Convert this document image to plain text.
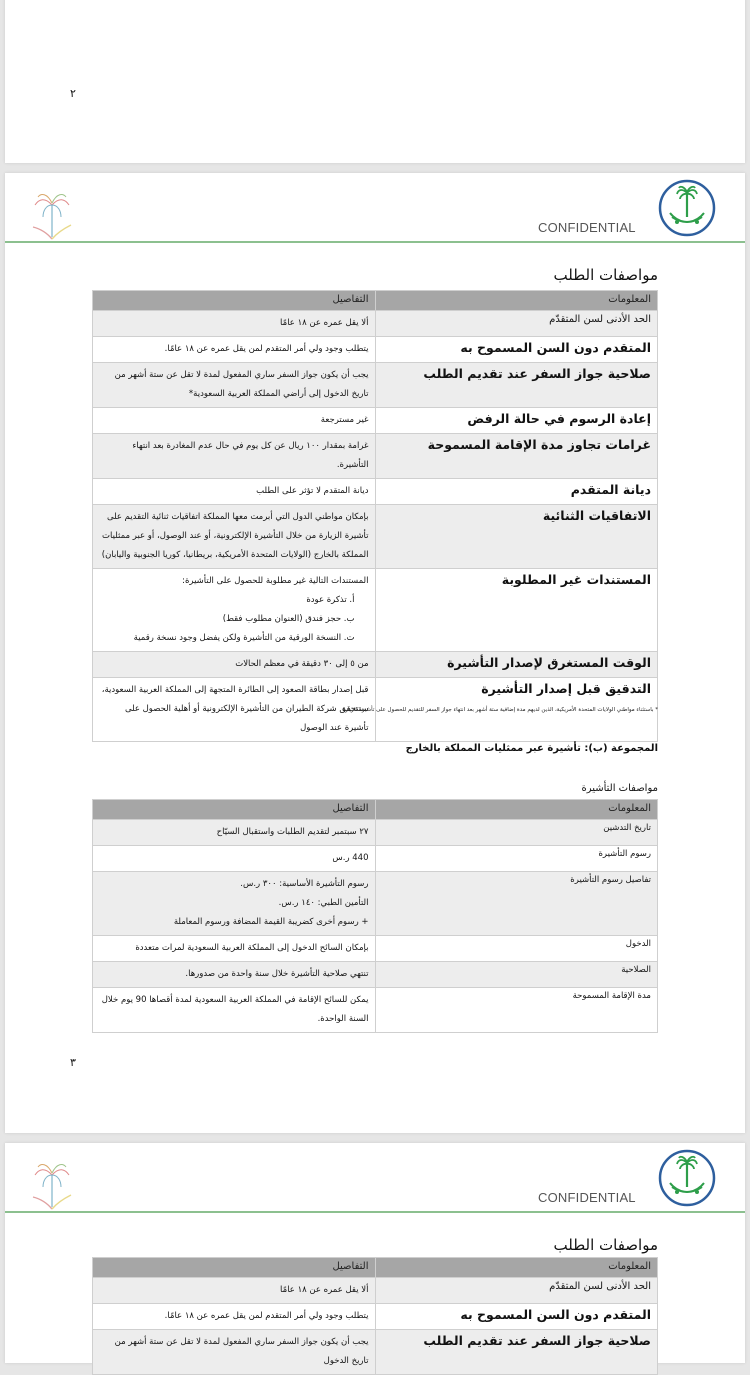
٢
CONFIDENTIAL
مواصفات الطلب
المعلومات	التفاصيل
الحد الأدنى لسن المتقدّم	ألا يقل عمره عن ١٨ عامًا
المتقدم دون السن المسموح به	يتطلب وجود ولي أمر المتقدم لمن يقل عمره عن ١٨ عامًا.
صلاحية جواز السفر عند تقديم الطلب	يجب أن يكون جواز السفر ساري المفعول لمدة لا تقل عن ستة أشهر من تاريخ الدخول إلى أراضي المملكة العربية السعودية*
إعادة الرسوم في حالة الرفض	غير مسترجعة
غرامات تجاوز مدة الإقامة المسموحة	غرامة بمقدار ١٠٠ ريال عن كل يوم في حال عدم المغادرة بعد انتهاء التأشيرة.
ديانة المتقدم	ديانة المتقدم لا تؤثر على الطلب
الاتفاقيات الثنائية	بإمكان مواطني الدول التي أبرمت معها المملكة اتفاقيات ثنائية التقديم على تأشيرة الزيارة من خلال التأشيرة الإلكترونية، أو عند الوصول، أو عبر ممثليات المملكة بالخارج (الولايات المتحدة الأمريكية، بريطانيا، كوريا الجنوبية واليابان)
المستندات غير المطلوبة	المستندات التالية غير مطلوبة للحصول على التأشيرة:
أ. تذكرة عودة
ب. حجز فندق (العنوان مطلوب فقط)
ت. النسخة الورقية من التأشيرة ولكن يفضل وجود نسخة رقمية

الوقت المستغرق لإصدار التأشيرة	من ٥ إلى ٣٠ دقيقة في معظم الحالات
التدقيق قبل إصدار التأشيرة	قبل إصدار بطاقة الصعود إلى الطائرة المتجهة إلى المملكة العربية السعودية، ستتحقق شركة الطيران من التأشيرة الإلكترونية أو أهلية الحصول على تأشيرة عند الوصول
* باستثناء مواطني الولايات المتحدة الأمريكية، الذين لديهم مدة إضافية ستة أشهر بعد انتهاء جواز السفر للتقديم للحصول على تأشيرة الزيارة
المجموعة (ب): تأشيرة عبر ممثليات المملكة بالخارج
مواصفات التأشيرة
المعلومات	التفاصيل
تاريخ التدشين	٢٧ سبتمبر لتقديم الطلبات واستقبال السيّاح
رسوم التأشيرة	440 ر.س
تفاصيل رسوم التأشيرة	رسوم التأشيرة الأساسية: ٣٠٠ ر.س.
التأمين الطبي: ١٤٠ ر.س.
+ رسوم أخرى كضريبة القيمة المضافة ورسوم المعاملة

الدخول	بإمكان السائح الدخول إلى المملكة العربية السعودية لمرات متعددة
الصلاحية	تنتهي صلاحية التأشيرة خلال سنة واحدة من صدورها.
مدة الإقامة المسموحة	يمكن للسائح الإقامة في المملكة العربية السعودية لمدة أقصاها 90 يوم خلال السنة الواحدة.
٣
CONFIDENTIAL
مواصفات الطلب
المعلومات	التفاصيل
الحد الأدنى لسن المتقدّم	ألا يقل عمره عن ١٨ عامًا
المتقدم دون السن المسموح به	يتطلب وجود ولي أمر المتقدم لمن يقل عمره عن ١٨ عامًا.
صلاحية جواز السفر عند تقديم الطلب	يجب أن يكون جواز السفر ساري المفعول لمدة لا تقل عن ستة أشهر من تاريخ الدخول
